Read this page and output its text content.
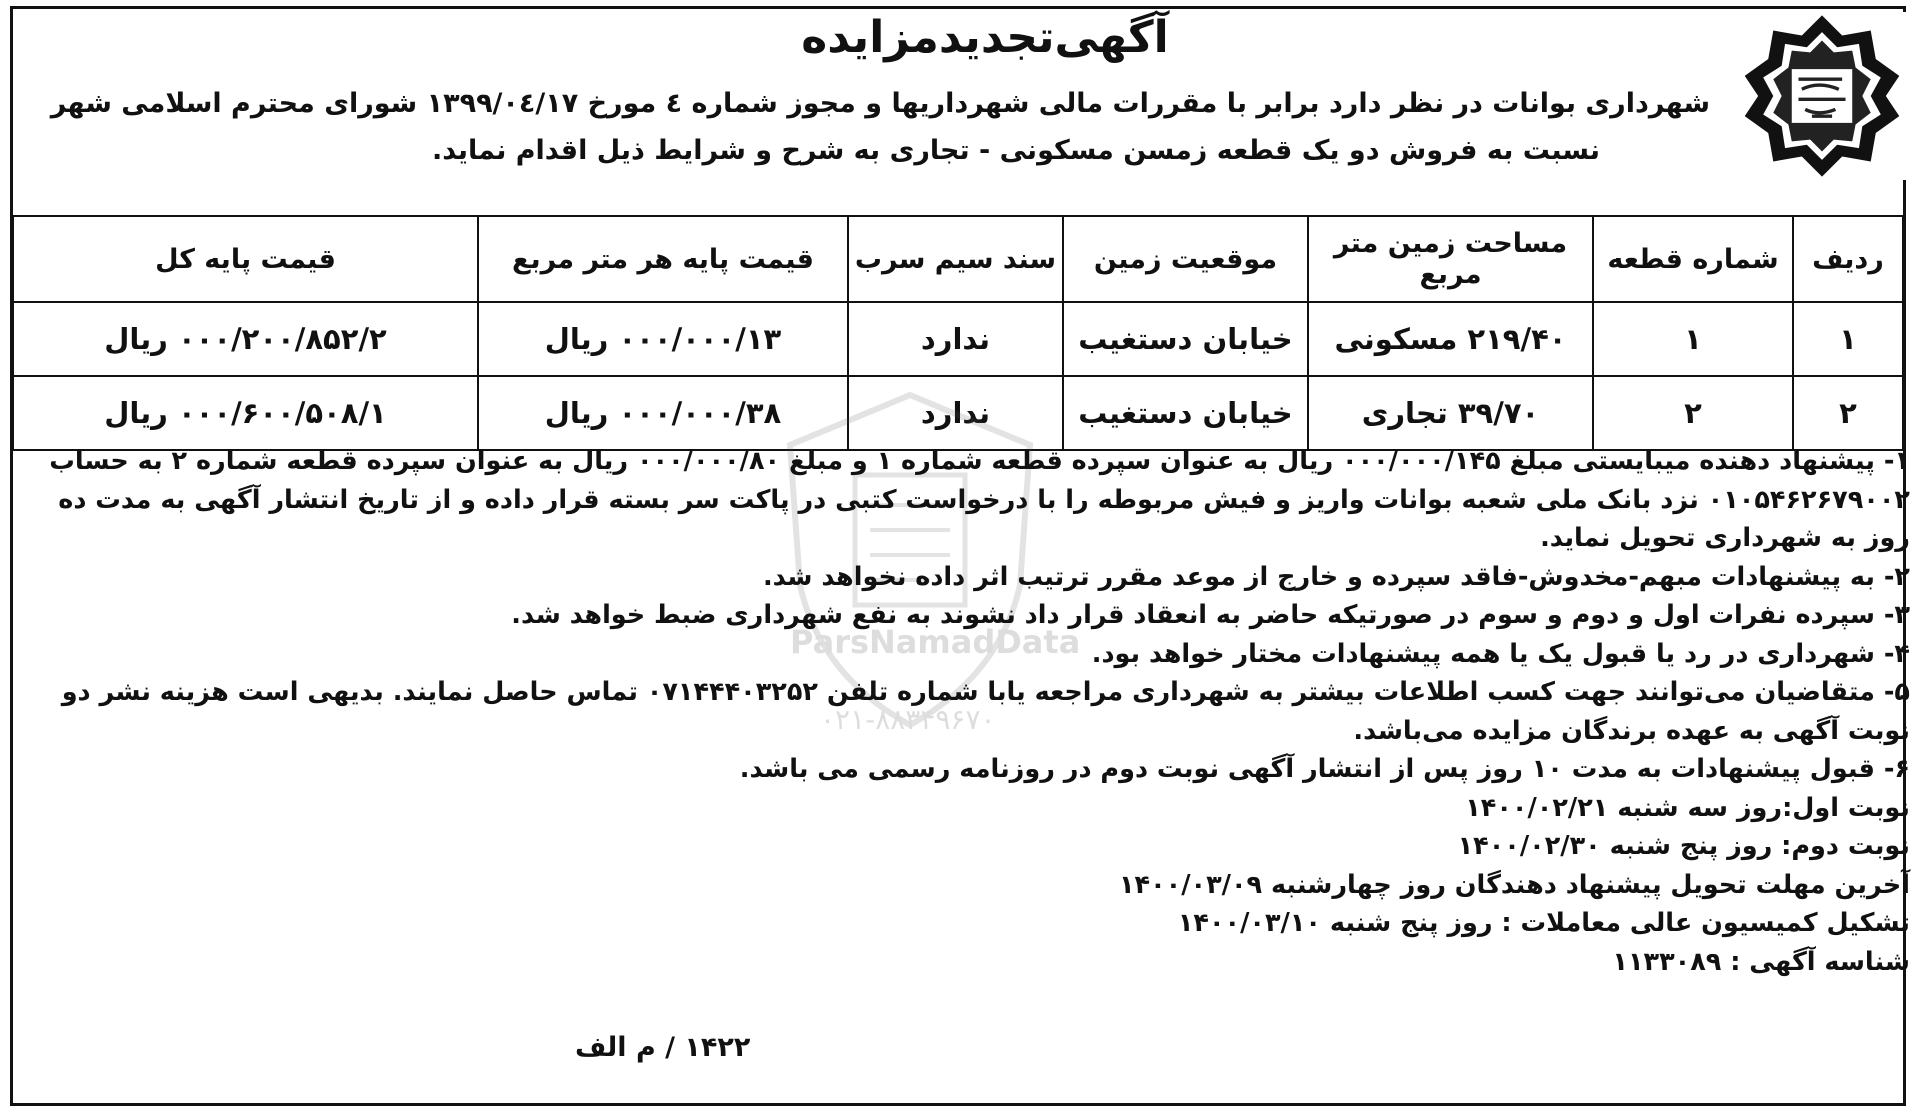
آگهی‌تجدیدمزایده
شهرداری بوانات در نظر دارد برابر با مقررات مالی شهرداریها و مجوز شماره ٤ مورخ ۱۳۹۹/۰٤/۱۷ شورای محترم اسلامی شهر
نسبت به فروش دو یک قطعه زمسن مسکونی - تجاری به شرح و شرایط ذیل اقدام نماید.
ردیف	شماره قطعه	مساحت زمین متر مربع	موقعیت زمین	سند سیم سرب	قیمت پایه هر متر مربع	قیمت پایه کل
۱	۱	۲۱۹/۴۰ مسکونی	خیابان دستغیب	ندارد	۰۰۰/۰۰۰/۱۳ ریال	۰۰۰/۲۰۰/۸۵۲/۲ ریال
۲	۲	۳۹/۷۰ تجاری	خیابان دستغیب	ندارد	۰۰۰/۰۰۰/۳۸ ریال	۰۰۰/۶۰۰/۵۰۸/۱ ریال
ParsNamadData
۰۲۱-۸۸۳۴۹۶۷۰

۱- پیشنهاد دهنده میبایستی مبلغ ۰۰۰/۰۰۰/۱۴۵ ریال به عنوان سپرده قطعه شماره ۱ و مبلغ ۰۰۰/۰۰۰/۸۰ ریال به عنوان سپرده قطعه شماره ۲ به حساب ۰۱۰۵۴۶۲۶۷۹۰۰۲ نزد بانک ملی شعبه بوانات واریز و فیش مربوطه را با درخواست کتبی در پاکت سر بسته قرار داده و از تاریخ انتشار آگهی به مدت ده روز به شهرداری تحویل نماید.

۲- به پیشنهادات مبهم-مخدوش-فاقد سپرده و خارج از موعد مقرر ترتیب اثر داده نخواهد شد.

۳- سپرده نفرات اول و دوم و سوم در صورتیکه حاضر به انعقاد قرار داد نشوند به نفع شهرداری ضبط خواهد شد.

۴- شهرداری در رد یا قبول یک یا همه پیشنهادات مختار خواهد بود.

۵- متقاضیان می‌توانند جهت کسب اطلاعات بیشتر به شهرداری مراجعه یابا شماره تلفن ۰۷۱۴۴۴۰۳۲۵۲ تماس حاصل نمایند. بدیهی است هزینه نشر دو نوبت آگهی به عهده برندگان مزایده می‌باشد.

۶- قبول پیشنهادات به مدت ۱۰ روز پس از انتشار آگهی نوبت دوم در روزنامه رسمی می باشد.

نوبت اول:روز سه شنبه ۱۴۰۰/۰۲/۲۱

نوبت دوم: روز پنج شنبه ۱۴۰۰/۰۲/۳۰

آخرین مهلت تحویل پیشنهاد دهندگان روز چهارشنبه ۱۴۰۰/۰۳/۰۹

تشکیل کمیسیون عالی معاملات : روز پنج شنبه ۱۴۰۰/۰۳/۱۰

شناسه آگهی : ۱۱۳۳۰۸۹

۱۴۲۲ / م الف
